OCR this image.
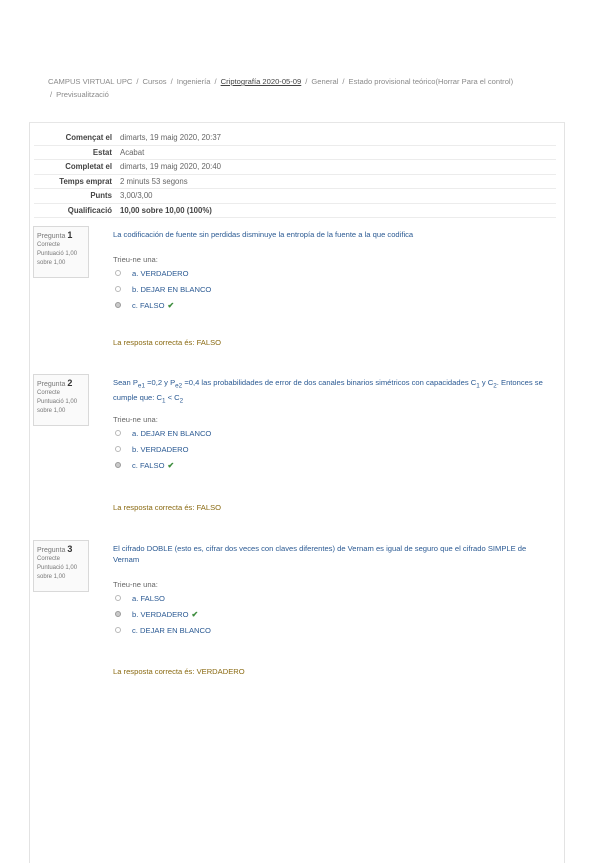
CAMPUS VIRTUAL UPC / Cursos / Ingeniería / Criptografía 2020-05-09 / General / Estado provisional teórico(Horrar Para el control)
/ Previsualització
Començat el	dimarts, 19 maig 2020, 20:37
Estat	Acabat
Completat el	dimarts, 19 maig 2020, 20:40
Temps emprat	2 minuts 53 segons
Punts	3,00/3,00
Qualificació	10,00 sobre 10,00 (100%)
Pregunta 1
Correcte
Puntuació 1,00
sobre 1,00
La codificación de fuente sin perdidas disminuye la entropía de la fuente a la que codifica
Trieu-ne una:
a. VERDADERO
b. DEJAR EN BLANCO
c. FALSO ✔
La resposta correcta és: FALSO
Pregunta 2
Correcte
Puntuació 1,00
sobre 1,00
Sean $P_{e1} =0,2$ y $P_{e2} =0,4$ las probabilidades de error de dos canales binarios simétricos con capacidades $C_1$ y $C_2$. Entonces se cumple que: $C_1 < C_2$
Trieu-ne una:
a. DEJAR EN BLANCO
b. VERDADERO
c. FALSO ✔
La resposta correcta és: FALSO
Pregunta 3
Correcte
Puntuació 1,00
sobre 1,00
El cifrado DOBLE (esto es, cifrar dos veces con claves diferentes) de Vernam es igual de seguro que el cifrado SIMPLE de Vernam
Trieu-ne una:
a. FALSO
b. VERDADERO ✔
c. DEJAR EN BLANCO
La resposta correcta és: VERDADERO
